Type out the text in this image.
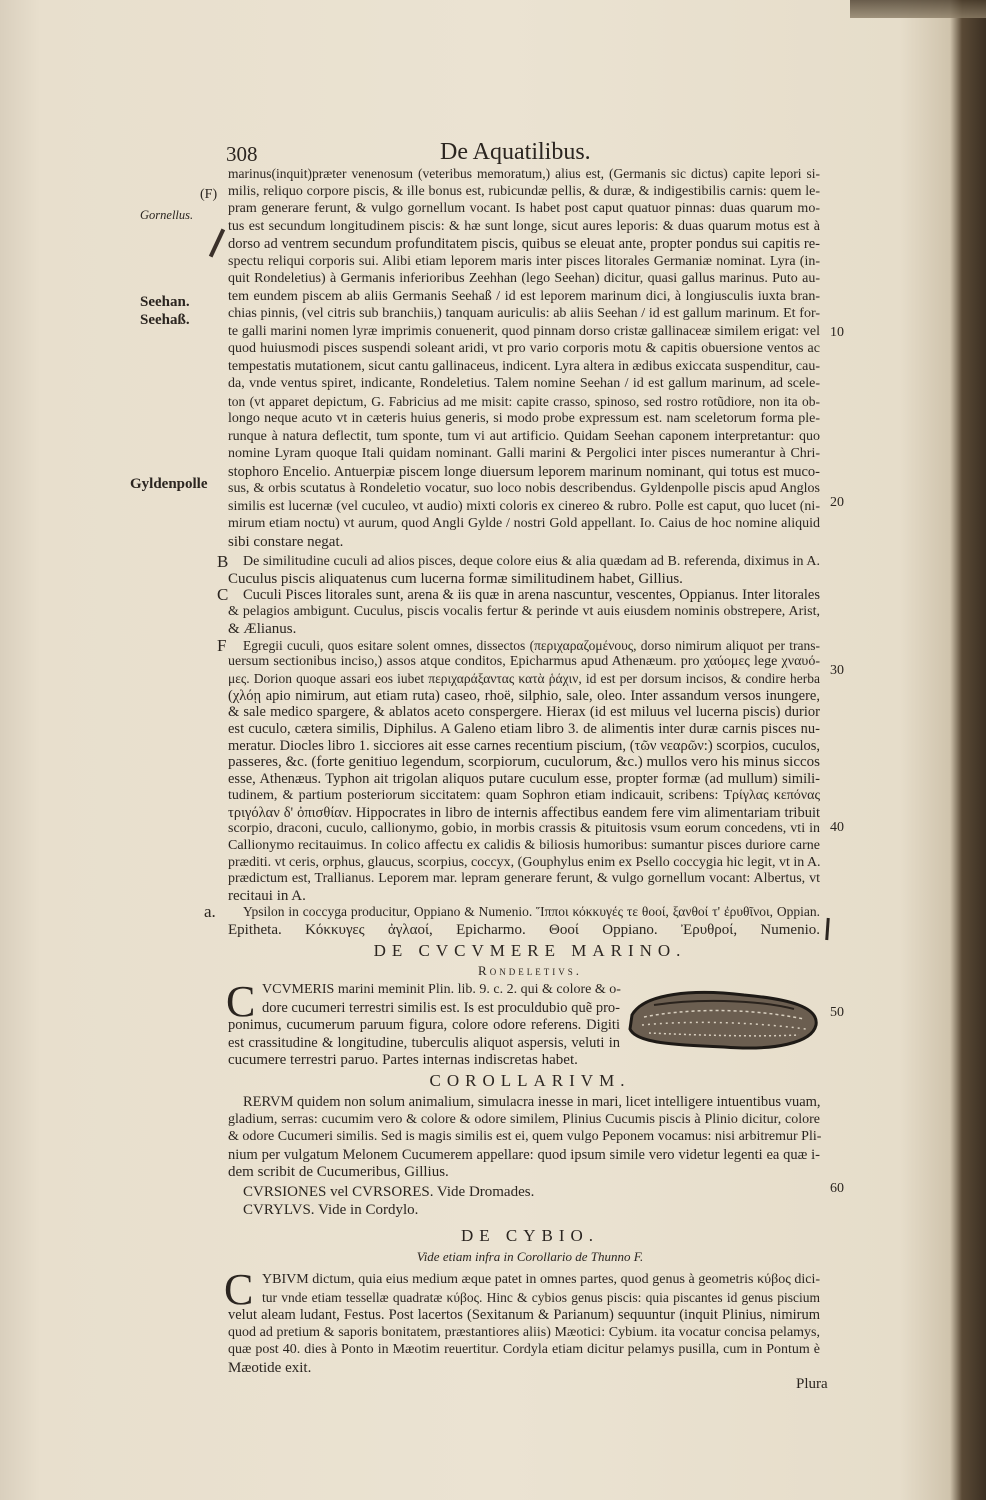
308	De Aquatilibus.
(F)
Gornellus.
Seehan.
Seehaß.
Gyldenpolle
10
20
30
40
50
60
marinus(inquit)præter venenosum (veteribus memoratum,) alius est, (Germanis sic dictus) capite lepori si-
milis, reliquo corpore piscis, & ille bonus est, rubicundæ pellis, & duræ, & indigestibilis carnis: quem le-
pram generare ferunt, & vulgo gornellum vocant. Is habet post caput quatuor pinnas: duas quarum mo-
tus est secundum longitudinem piscis: & hæ sunt longe, sicut aures leporis: & duas quarum motus est à
dorso ad ventrem secundum profunditatem piscis, quibus se eleuat ante, propter pondus sui capitis re-
spectu reliqui corporis sui. Alibi etiam leporem maris inter pisces litorales Germaniæ nominat. Lyra (in-
quit Rondeletius) à Germanis inferioribus Zeehhan (lego Seehan) dicitur, quasi gallus marinus. Puto au-
tem eundem piscem ab aliis Germanis Seehaß / id est leporem marinum dici, à longiusculis iuxta bran-
chias pinnis, (vel citris sub branchiis,) tanquam auriculis: ab aliis Seehan / id est gallum marinum. Et for-
te galli marini nomen lyræ imprimis conuenerit, quod pinnam dorso cristæ gallinaceæ similem erigat: vel
quod huiusmodi pisces suspendi soleant aridi, vt pro vario corporis motu & capitis obuersione ventos ac
tempestatis mutationem, sicut cantu gallinaceus, indicent. Lyra altera in ædibus exiccata suspenditur, cau-
da, vnde ventus spiret, indicante, Rondeletius. Talem nomine Seehan / id est gallum marinum, ad scele-
ton (vt apparet depictum, G. Fabricius ad me misit: capite crasso, spinoso, sed rostro rotũdiore, non ita ob-
longo neque acuto vt in cæteris huius generis, si modo probe expressum est. nam sceletorum forma ple-
runque à natura deflectit, tum sponte, tum vi aut artificio. Quidam Seehan caponem interpretantur: quo
nomine Lyram quoque Itali quidam nominant. Galli marini & Pergolici inter pisces numerantur à Chri-
stophoro Encelio. Antuerpiæ piscem longe diuersum leporem marinum nominant, qui totus est muco-
sus, & orbis scutatus à Rondeletio vocatur, suo loco nobis describendus. Gyldenpolle piscis apud Anglos
similis est lucernæ (vel cuculeo, vt audio) mixti coloris ex cinereo & rubro. Polle est caput, quo lucet (ni-
mirum etiam noctu) vt aurum, quod Angli Gylde / nostri Gold appellant. Io. Caius de hoc nomine aliquid
sibi constare negat.
B De similitudine cuculi ad alios pisces, deque colore eius & alia quædam ad B. referenda, diximus in A.
Cuculus piscis aliquatenus cum lucerna formæ similitudinem habet, Gillius.
C Cuculi Pisces litorales sunt, arena & iis quæ in arena nascuntur, vescentes, Oppianus. Inter litorales
& pelagios ambigunt. Cuculus, piscis vocalis fertur & perinde vt auis eiusdem nominis obstrepere, Arist,
& Ælianus.
F Egregii cuculi, quos esitare solent omnes, dissectos (περιχαραζομένους, dorso nimirum aliquot per trans-
uersum sectionibus inciso,) assos atque conditos, Epicharmus apud Athenæum. pro χαύομες lege χναυό-
μες. Dorion quoque assari eos iubet περιχαράξαντας κατὰ ῥάχιν, id est per dorsum incisos, & condire herba
(χλόῃ apio nimirum, aut etiam ruta) caseo, rhoë, silphio, sale, oleo. Inter assandum versos inungere,
& sale medico spargere, & ablatos aceto conspergere. Hierax (id est miluus vel lucerna piscis) durior
est cuculo, cætera similis, Diphilus. A Galeno etiam libro 3. de alimentis inter duræ carnis pisces nu-
meratur. Diocles libro 1. sicciores ait esse carnes recentium piscium, (τῶν νεαρῶν:) scorpios, cuculos,
passeres, &c. (forte genitiuo legendum, scorpiorum, cuculorum, &c.) mullos vero his minus siccos
esse, Athenæus. Typhon ait trigolan aliquos putare cuculum esse, propter formæ (ad mullum) simili-
tudinem, & partium posteriorum siccitatem: quam Sophron etiam indicauit, scribens: Τρίγλας κεπόνας
τριγόλαν δ' ὀπισθίαν. Hippocrates in libro de internis affectibus eandem fere vim alimentariam tribuit
scorpio, draconi, cuculo, callionymo, gobio, in morbis crassis & pituitosis vsum eorum concedens, vti in
Callionymo recitauimus. In colico affectu ex calidis & biliosis humoribus: sumantur pisces duriore carne
præditi. vt ceris, orphus, glaucus, scorpius, coccyx, (Gouphylus enim ex Psello coccygia hic legit, vt in A.
prædictum est, Trallianus. Leporem mar. lepram generare ferunt, & vulgo gornellum vocant: Albertus, vt
recitaui in A.
a. Ypsilon in coccyga producitur, Oppiano & Numenio. Ἵπποι κόκκυγές τε θοοί, ξανθοί τ' ἐρυθῖνοι, Oppian.
Epitheta. Κόκκυγες ἀγλαοί, Epicharmo. Θοοί Oppiano. Ἐρυθροί, Numenio.
VCVMERIS marini meminit Plin. lib. 9. c. 2. qui & colore & o-
dore cucumeri terrestri similis est. Is est proculdubio quẽ pro-
ponimus, cucumerum paruum figura, colore odore referens. Digiti
est crassitudine & longitudine, tuberculis aliquot aspersis, veluti in
cucumere terrestri paruo. Partes internas indiscretas habet.
RERVM quidem non solum animalium, simulacra inesse in mari, licet intelligere intuentibus vuam,
gladium, serras: cucumim vero & colore & odore similem, Plinius Cucumis piscis à Plinio dicitur, colore
& odore Cucumeri similis. Sed is magis similis est ei, quem vulgo Peponem vocamus: nisi arbitremur Pli-
nium per vulgatum Melonem Cucumerem appellare: quod ipsum simile vero videtur legenti ea quæ i-
dem scribit de Cucumeribus, Gillius.
CVRSIONES vel CVRSORES. Vide Dromades.
CVRYLVS. Vide in Cordylo.
YBIVM dictum, quia eius medium æque patet in omnes partes, quod genus à geometris κύβος dici-
tur vnde etiam tessellæ quadratæ κύβος. Hinc & cybios genus piscis: quia piscantes id genus piscium
velut aleam ludant, Festus. Post lacertos (Sexitanum & Parianum) sequuntur (inquit Plinius, nimirum
quod ad pretium & saporis bonitatem, præstantiores aliis) Mæotici: Cybium. ita vocatur concisa pelamys,
quæ post 40. dies à Ponto in Mæotim reuertitur. Cordyla etiam dicitur pelamys pusilla, cum in Pontum è
Mæotide exit.
DE CVCVMERE MARINO.
Rondeletivs.
C
COROLLARIVM.
DE CYBIO.
Vide etiam infra in Corollario de Thunno F.
C
Plura
